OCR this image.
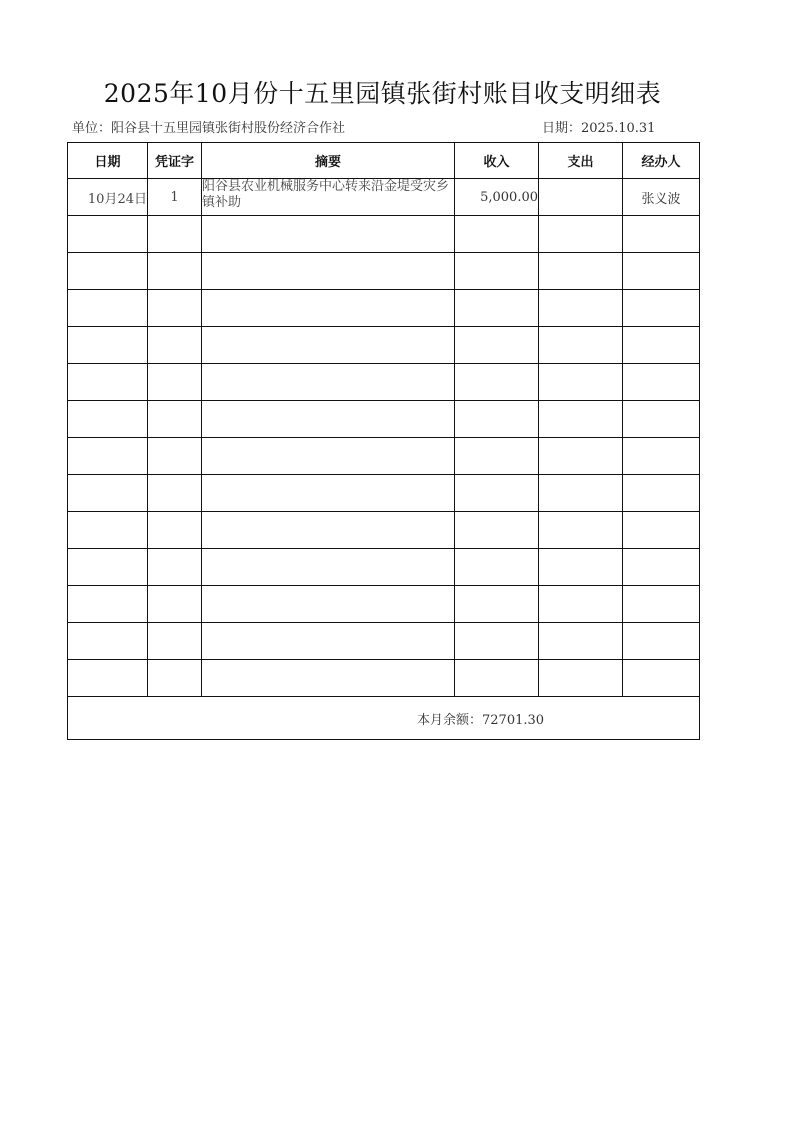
2025年10月份十五里园镇张街村账目收支明细表
单位：阳谷县十五里园镇张街村股份经济合作社	日期：2025.10.31
日期	凭证字	摘要	收入	支出	经办人
10月24日	1	阳谷县农业机械服务中心转来沿金堤受灾乡镇补助	5,000.00		张义波

本月余额：72701.30					
